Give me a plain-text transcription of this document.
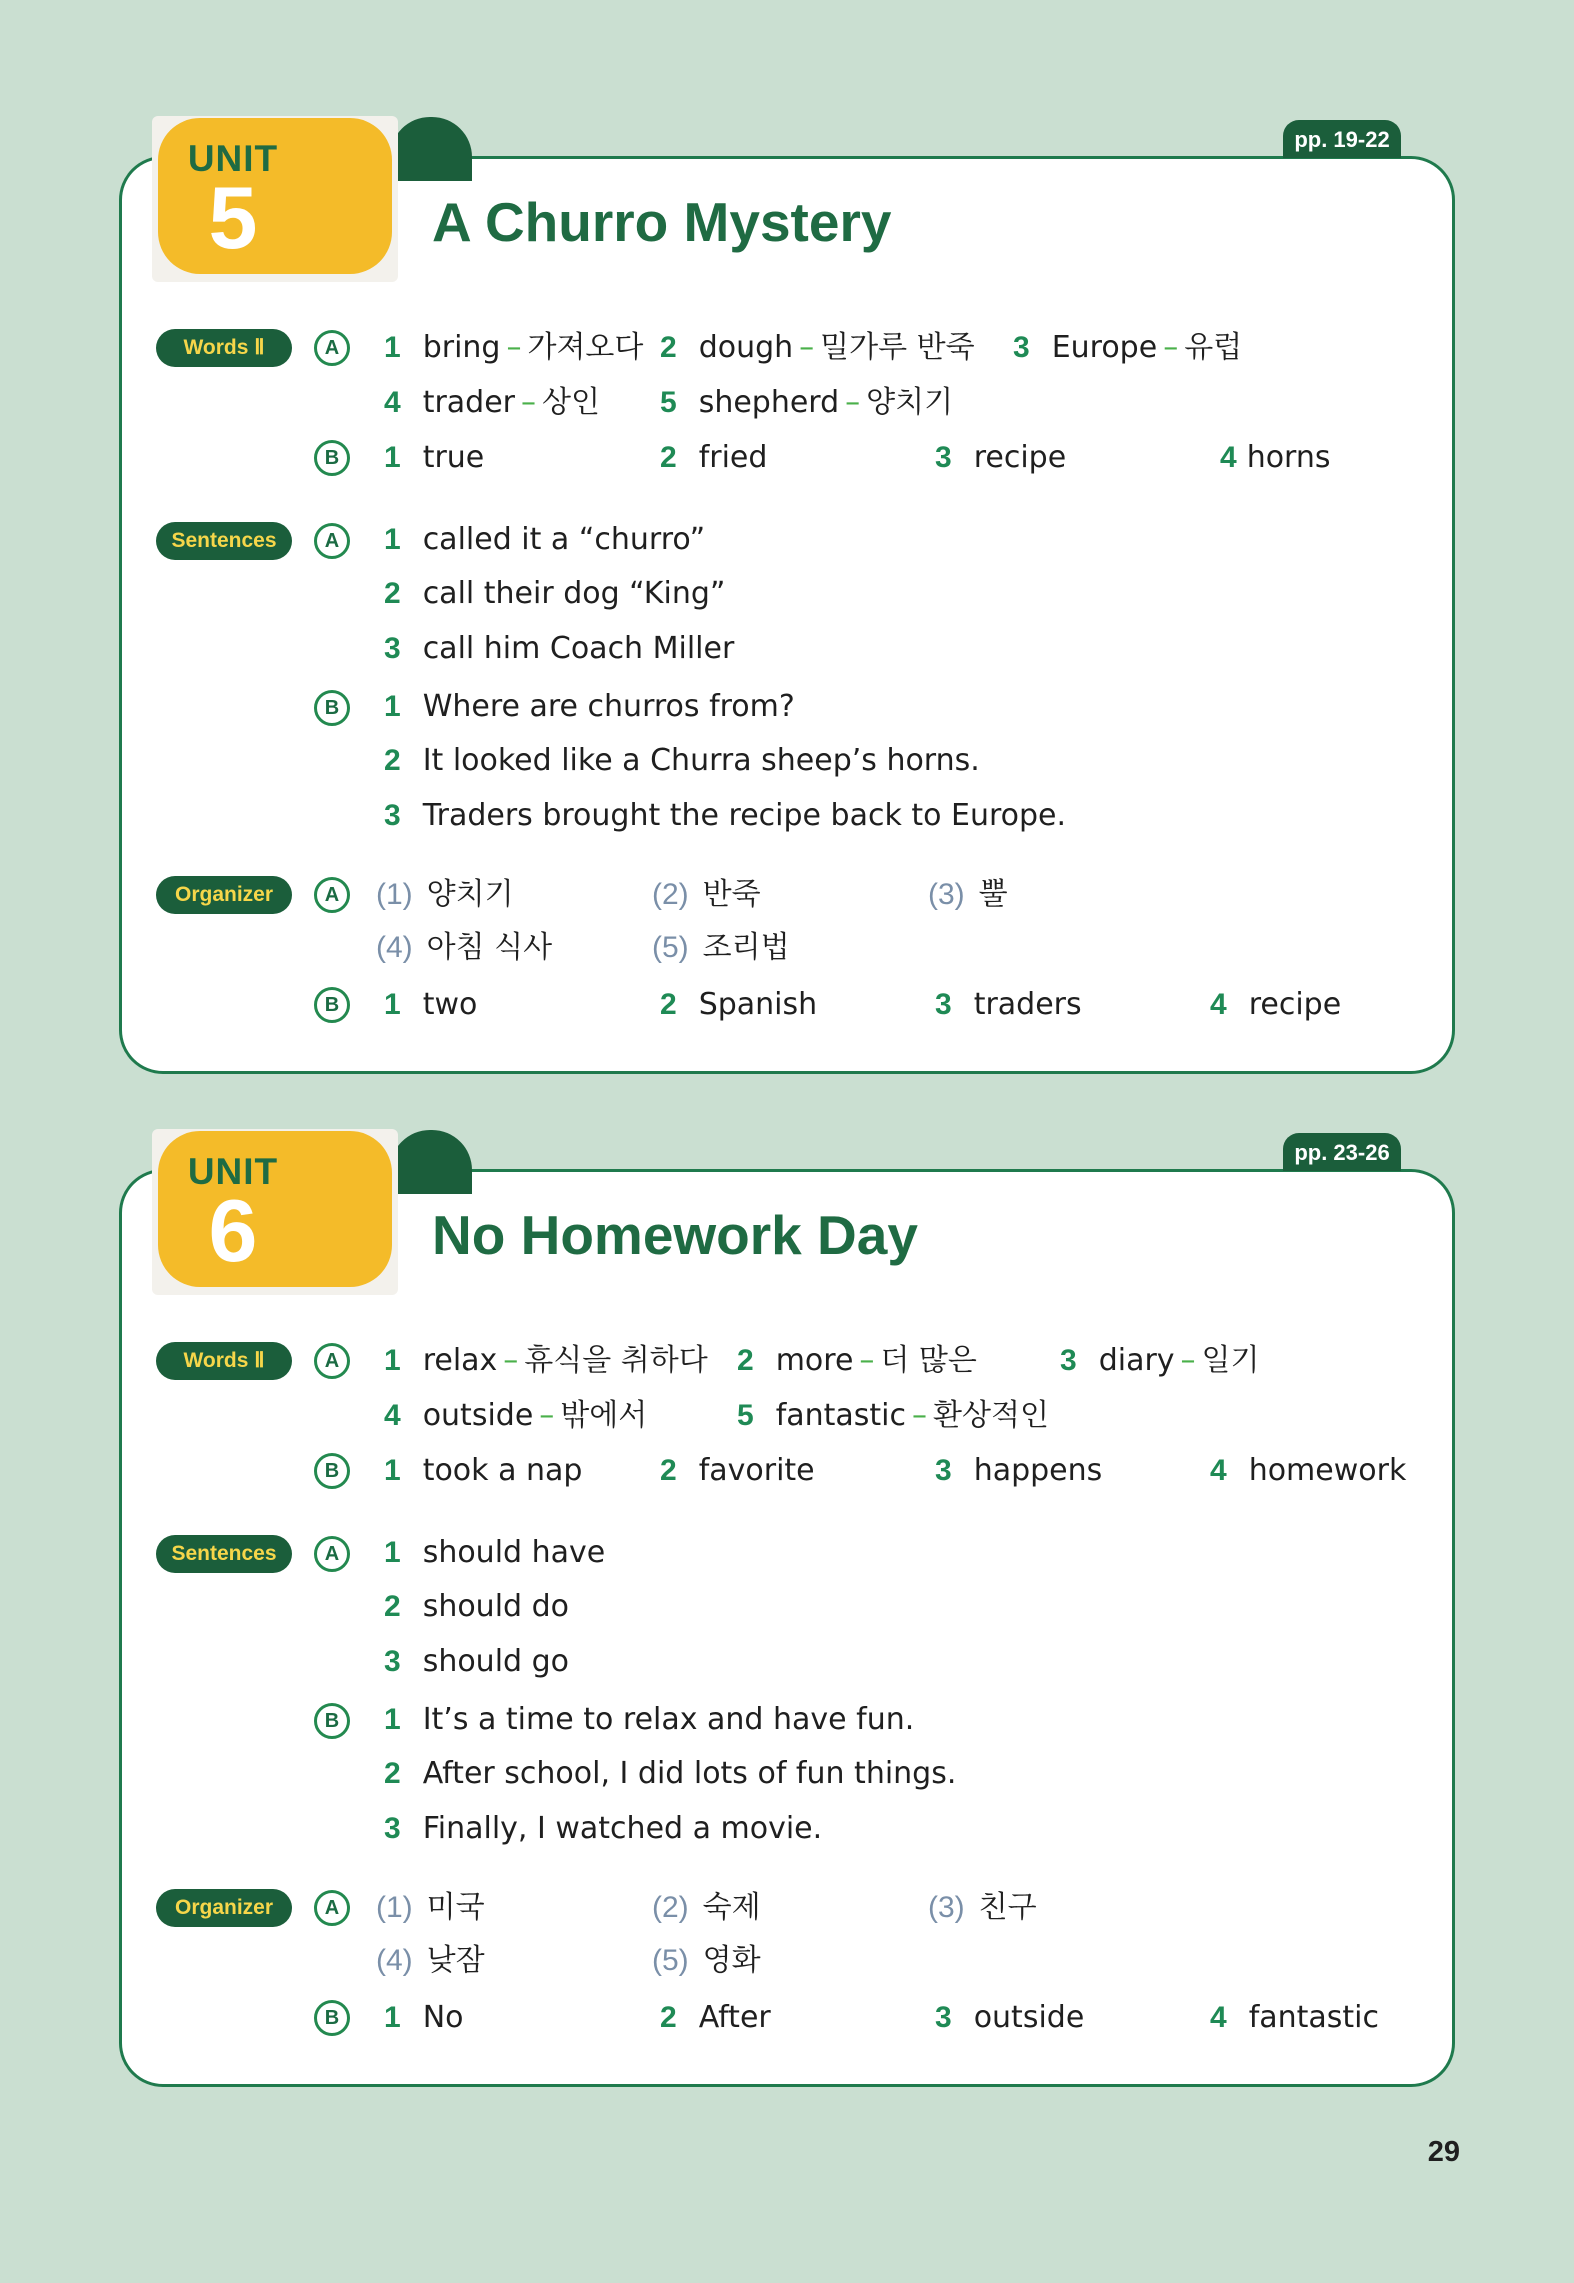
UNIT
5
pp. 19-22
A Churro Mystery
Words Ⅱ	A	1 bring – 가져오다 2 dough – 밀가루 반죽 3 Europe – 유럽
4 trader – 상인 5 shepherd – 양치기
B	1 true	2 fried	3 recipe	4 horns
Sentences	A	1 called it a “churro”
2 call their dog “King”
3 call him Coach Miller
B	1 Where are churros from?
2 It looked like a Churra sheep’s horns.
3 Traders brought the recipe back to Europe.
Organizer	A	(1) 양치기	(2) 반죽	(3) 뿔
(4) 아침 식사	(5) 조리법
B	1 two	2 Spanish	3 traders	4 recipe
UNIT
6
pp. 23-26
No Homework Day
Words Ⅱ	A	1 relax – 휴식을 취하다 2 more – 더 많은	3 diary – 일기
4 outside – 밖에서	5 fantastic – 환상적인
B	1 took a nap	2 favorite	3 happens	4 homework
Sentences	A	1 should have
2 should do
3 should go
B	1 It’s a time to relax and have fun.
2 After school, I did lots of fun things.
3 Finally, I watched a movie.
Organizer	A	(1) 미국	(2) 숙제	(3) 친구
(4) 낮잠	(5) 영화
B	1 No	2 After	3 outside	4 fantastic
29
